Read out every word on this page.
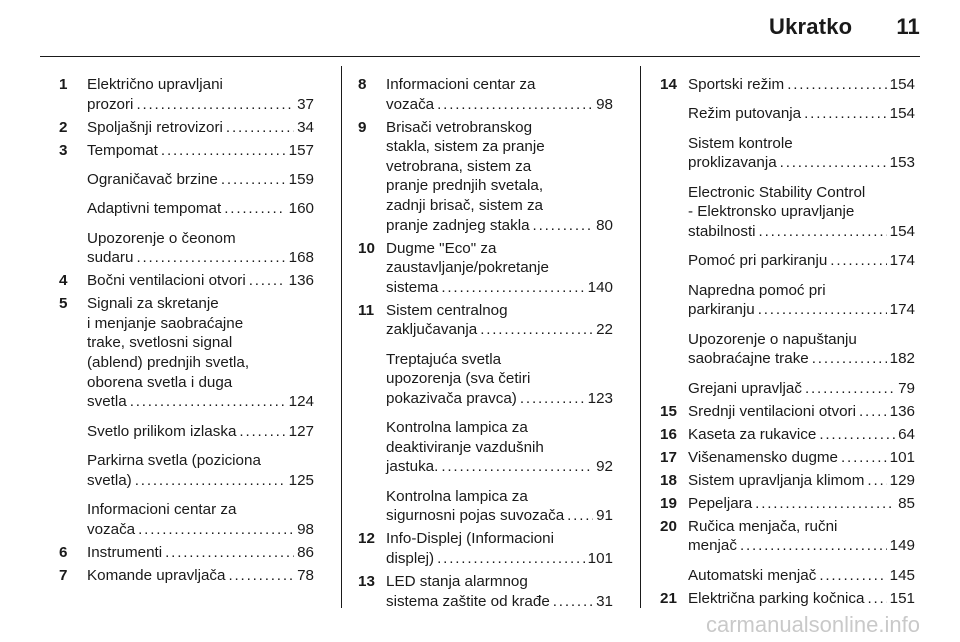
Ukratko 11
1 Električno upravljani
prozori . . .	37
2 Spoljašnji retrovizori . . .	34
3 Tempomat . . .	157
Ograničavač brzine . . .	159
Adaptivni tempomat . . .	160
Upozorenje o čeonom
sudaru . . .	168
4 Bočni ventilacioni otvori . . .	136
5 Signali za skretanje
i menjanje saobraćajne
trake, svetlosni signal
(ablend) prednjih svetla,
oborena svetla i duga
svetla . . .	124
Svetlo prilikom izlaska . . .	127
Parkirna svetla (poziciona
svetla) . . .	125
Informacioni centar za
vozača . . .	98
6 Instrumenti . . .	86
7 Komande upravljača . . .	78
8 Informacioni centar za
vozača . . .	98
9 Brisači vetrobranskog
stakla, sistem za pranje
vetrobrana, sistem za
pranje prednjih svetala,
zadnji brisač, sistem za
pranje zadnjeg stakla . . .	80
10 Dugme "Eco" za
zaustavljanje/pokretanje
sistema . . .	140
11 Sistem centralnog
zaključavanja . . .	22
Treptajuća svetla
upozorenja (sva četiri
pokazivača pravca) . . .	123
Kontrolna lampica za
deaktiviranje vazdušnih
jastuka. . . .	92
Kontrolna lampica za
sigurnosni pojas suvozača . . . 91
12 Info-Displej (Informacioni
displej) . . .	101
13 LED stanja alarmnog
sistema zaštite od krađe . . .	31
14 Sportski režim . . .	154
Režim putovanja . . .	154
Sistem kontrole
proklizavanja . . .	153
Electronic Stability Control
- Elektronsko upravljanje
stabilnosti . . .	154
Pomoć pri parkiranju . . .	174
Napredna pomoć pri
parkiranju . . .	174
Upozorenje o napuštanju
saobraćajne trake . . .	182
Grejani upravljač . . .	79
15 Srednji ventilacioni otvori . . . 136
16 Kaseta za rukavice . . .	64
17 Višenamensko dugme . . .	101
18 Sistem upravljanja klimom . . . 129
19 Pepeljara . . .	85
20 Ručica menjača, ručni
menjač . . .	149
Automatski menjač . . .	145
21 Električna parking kočnica . . . 151
carmanualsonline.info
